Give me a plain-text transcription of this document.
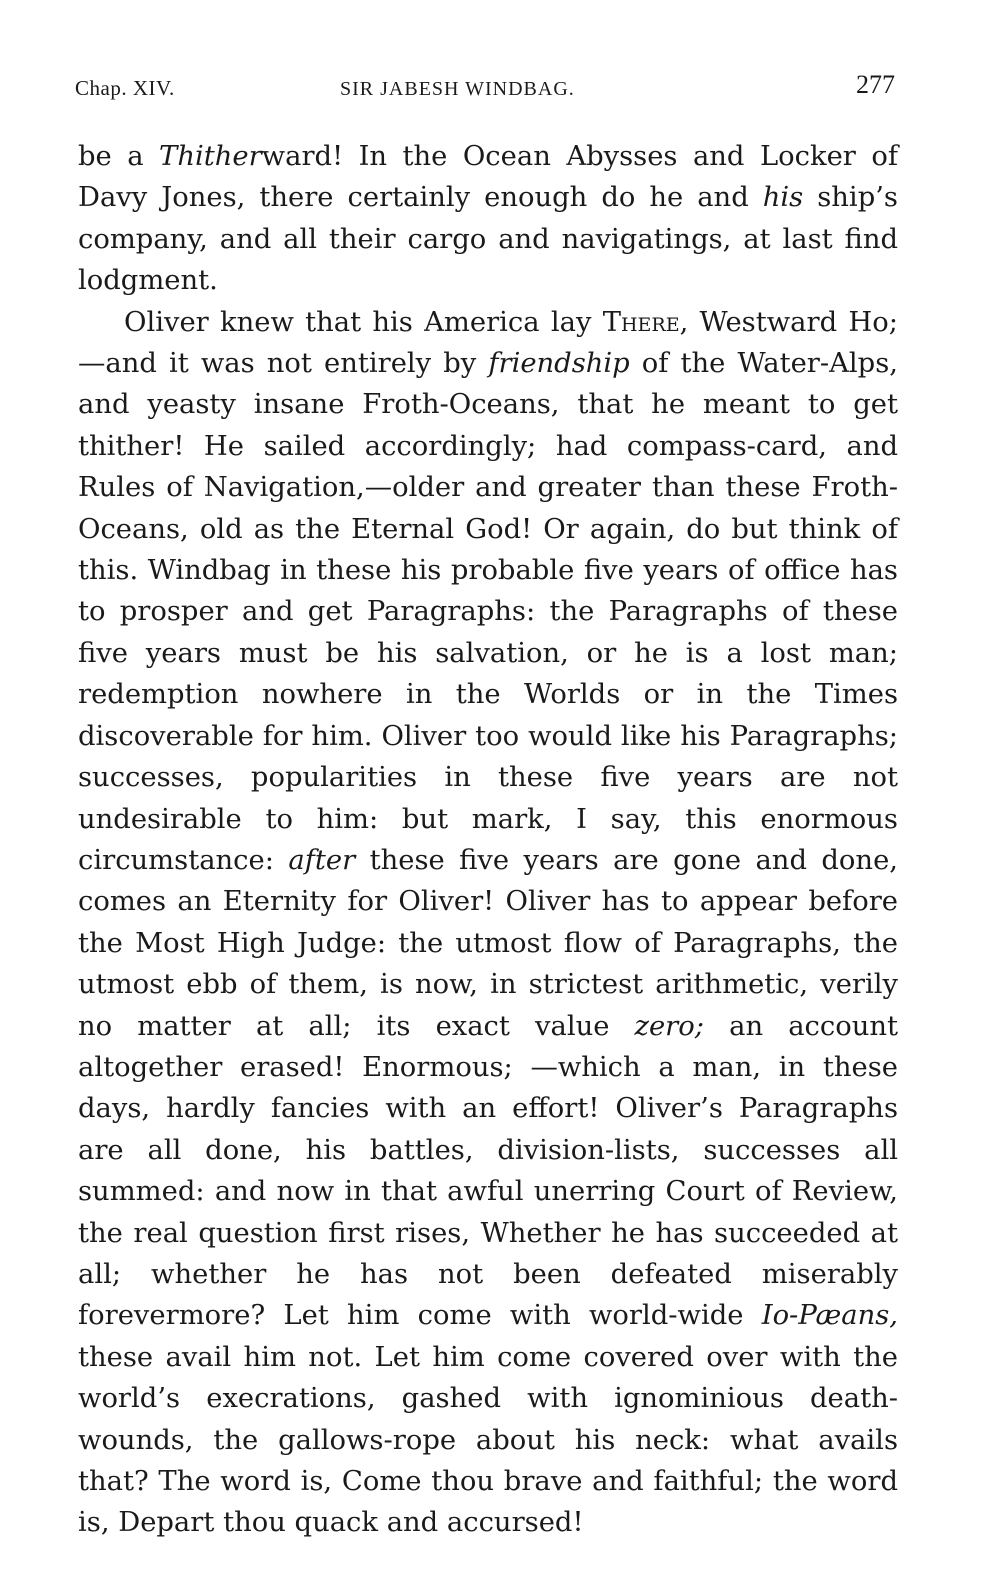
Chap. XIV.	SIR JABESH WINDBAG.	277

be a Thitherward! In the Ocean Abysses and Locker of Davy Jones, there certainly enough do he and his ship’s company, and all their cargo and navigatings, at last find lodgment.

Oliver knew that his America lay There, Westward Ho; —and it was not entirely by friendship of the Water-Alps, and yeasty insane Froth-Oceans, that he meant to get thither! He sailed accordingly; had compass-card, and Rules of Navigation,—older and greater than these Froth-Oceans, old as the Eternal God! Or again, do but think of this. Windbag in these his probable five years of office has to prosper and get Paragraphs: the Paragraphs of these five years must be his salvation, or he is a lost man; redemption nowhere in the Worlds or in the Times discoverable for him. Oliver too would like his Paragraphs; successes, popularities in these five years are not undesirable to him: but mark, I say, this enormous circumstance: after these five years are gone and done, comes an Eternity for Oliver! Oliver has to appear before the Most High Judge: the utmost flow of Paragraphs, the utmost ebb of them, is now, in strictest arithmetic, verily no matter at all; its exact value zero; an account altogether erased! Enormous; —which a man, in these days, hardly fancies with an effort! Oliver’s Paragraphs are all done, his battles, division-lists, successes all summed: and now in that awful unerring Court of Review, the real question first rises, Whether he has succeeded at all; whether he has not been defeated miserably forevermore? Let him come with world-wide Io-Pæans, these avail him not. Let him come covered over with the world’s execrations, gashed with ignominious death-wounds, the gallows-rope about his neck: what avails that? The word is, Come thou brave and faithful; the word is, Depart thou quack and accursed!
